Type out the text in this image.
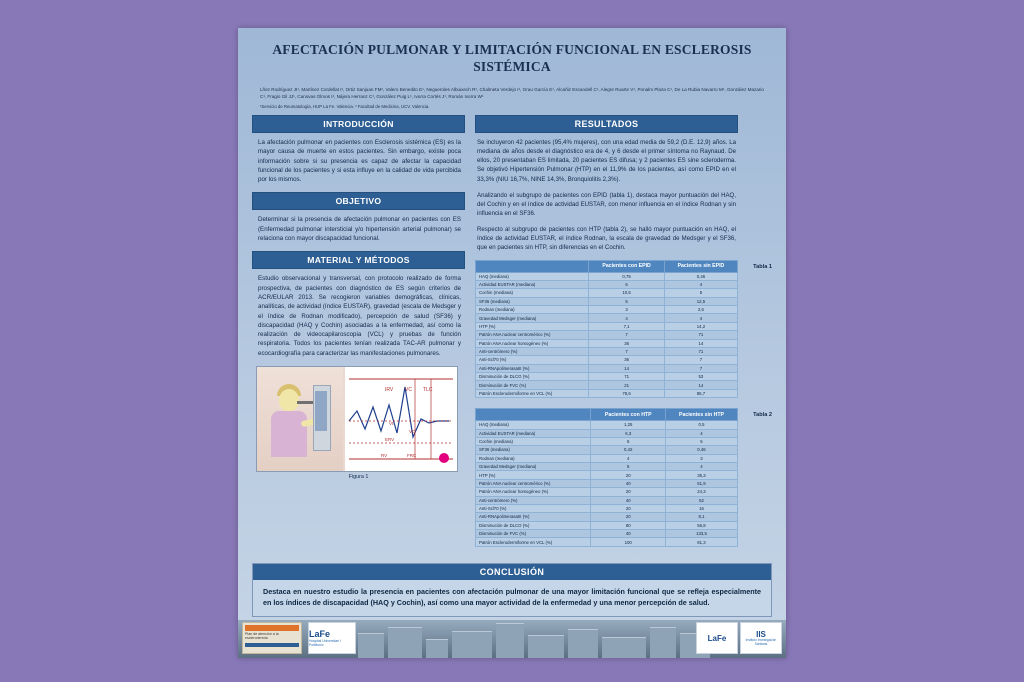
AFECTACIÓN PULMONAR Y LIMITACIÓN FUNCIONAL EN ESCLEROSIS SISTÉMICA
Lñez Rodríguez JI¹, Martínez Cordellat I¹, Ortiz Sanjuan FM¹, Valero Benedito E¹, Negueroles Albuixech R¹, Chalmeta Verdejo I¹, Grau García E¹, Alcañiz Escandell C¹, Alegre Ruarte V¹, Ponalm Plaza C¹, De La Rubia Navarro M¹, González Mazario C¹, Fragio Gil JJ¹, Canovas Olmos I¹, Nájera Herranz C¹, González Puig L¹, Ivorra Cortés J¹, Román Ivorra W¹
¹Servicio de Reumatología, HUP La Fe. Valencia. ² Facultad de Medicina, UCV. Valencia.
INTRODUCCIÓN
La afectación pulmonar en pacientes con Esclerosis sistémica (ES) es la mayor causa de muerte en estos pacientes. Sin embargo, existe poca información sobre si su presencia es capaz de afectar la capacidad funcional de los pacientes y si esta influye en la calidad de vida percibida por los mismos.
OBJETIVO
Determinar si la presencia de afectación pulmonar en pacientes con ES (Enfermedad pulmonar intersticial y/o hipertensión arterial pulmonar) se relaciona con mayor discapacidad funcional.
MATERIAL Y MÉTODOS
Estudio observacional y transversal, con protocolo realizado de forma prospectiva, de pacientes con diagnóstico de ES según criterios de ACR/EULAR 2013. Se recogieron variables demográficas, clínicas, analíticas, de actividad (índice EUSTAR), gravedad (escala de Medsger y el índice de Rodnan modificado), percepción de salud (SF36) y discapacidad (HAQ y Cochin) asociadas a la enfermedad, así como la realización de videocapilaroscopia (VCL) y pruebas de función respiratoria. Todos los pacientes tenían realizada TAC-AR pulmonar y ecocardiografía para caracterizar las manifestaciones pulmonares.
IRV VC TLC
Vt
ERV
VC
RV	FRC
Figura 1
RESULTADOS
Se incluyeron 42 pacientes (95,4% mujeres), con una edad media de 59,2 (D.E. 12,9) años. La mediana de años desde el diagnóstico era de 4, y 6 desde el primer síntoma no Raynaud. De ellos, 20 presentaban ES limitada, 20 pacientes ES difusa; y 2 pacientes ES sine scleroderma. Se objetivó Hipertensión Pulmonar (HTP) en el 11,9% de los pacientes, así como EPID en el 33,3% (NIU 16,7%, NINE 14,3%, Bronquiolitis 2,3%).
Analizando el subgrupo de pacientes con EPID (tabla 1), destaca mayor puntuación del HAQ, del Cochin y en el índice de actividad EUSTAR, con menor influencia en el índice Rodnan y sin influencia en el SF36.
Respecto al subgrupo de pacientes con HTP (tabla 2), se halló mayor puntuación en HAQ, el índice de actividad EUSTAR, el índice Rodnan, la escala de gravedad de Medsger y el SF36, que en pacientes sin HTP, sin diferencias en el Cochin.
Tabla 1
	Pacientes con EPID	Pacientes sin EPID
HAQ (mediana)	0,75	0,46
Actividad EUSTAR (mediana)	6	4
Cochin (mediana)	10,5	5
SF36 (mediana)	5	12,5
Rodnan (mediana)	3	2,5
Gravedad Medsger (mediana)	4	4
HTP (%)	7,1	14,2
Patrón ANA nuclear centromérico (%)	7	71
Patrón ANA nuclear homogéneo (%)	36	14
Anti-centrómero (%)	7	71
Anti-Scl70 (%)	36	7
Anti-RNApolimerasaIII (%)	14	7
Disminución de DLCO (%)	71	53
Disminución de FVC (%)	21	14
Patrón Esclerodermiforme en VCL (%)	78,6	85,7
Tabla 2
	Pacientes con HTP	Pacientes sin HTP
HAQ (mediana)	1,25	0,5
Actividad EUSTAR (mediana)	6,3	4
Cochin (mediana)	5	5
SF36 (mediana)	0,42	0,46
Rodnan (mediana)	4	3
Gravedad Medsger (mediana)	5	4
HTP (%)	20	35,3
Patrón ANA nuclear centromérico (%)	40	51,9
Patrón ANA nuclear homogéneo (%)	20	24,3
Anti-centrómero (%)	40	52
Anti-Scl70 (%)	20	16
Anti-RNApolimerasaIII (%)	20	8,1
Disminución de DLCO (%)	80	56,8
Disminución de FVC (%)	40	133,5
Patrón Esclerodermiforme en VCL (%)	100	81,3
CONCLUSIÓN
Destaca en nuestro estudio la presencia en pacientes con afectación pulmonar de una mayor limitación funcional que se refleja especialmente en los índices de discapacidad (HAQ y Cochin), así como una mayor actividad de la enfermedad y una menor percepción de salud.
Plan de atención a la esclerodermia	LaFe
Hospital Universitari i Politècnic
LaFe	IIS
Instituto Investigación Sanitaria
